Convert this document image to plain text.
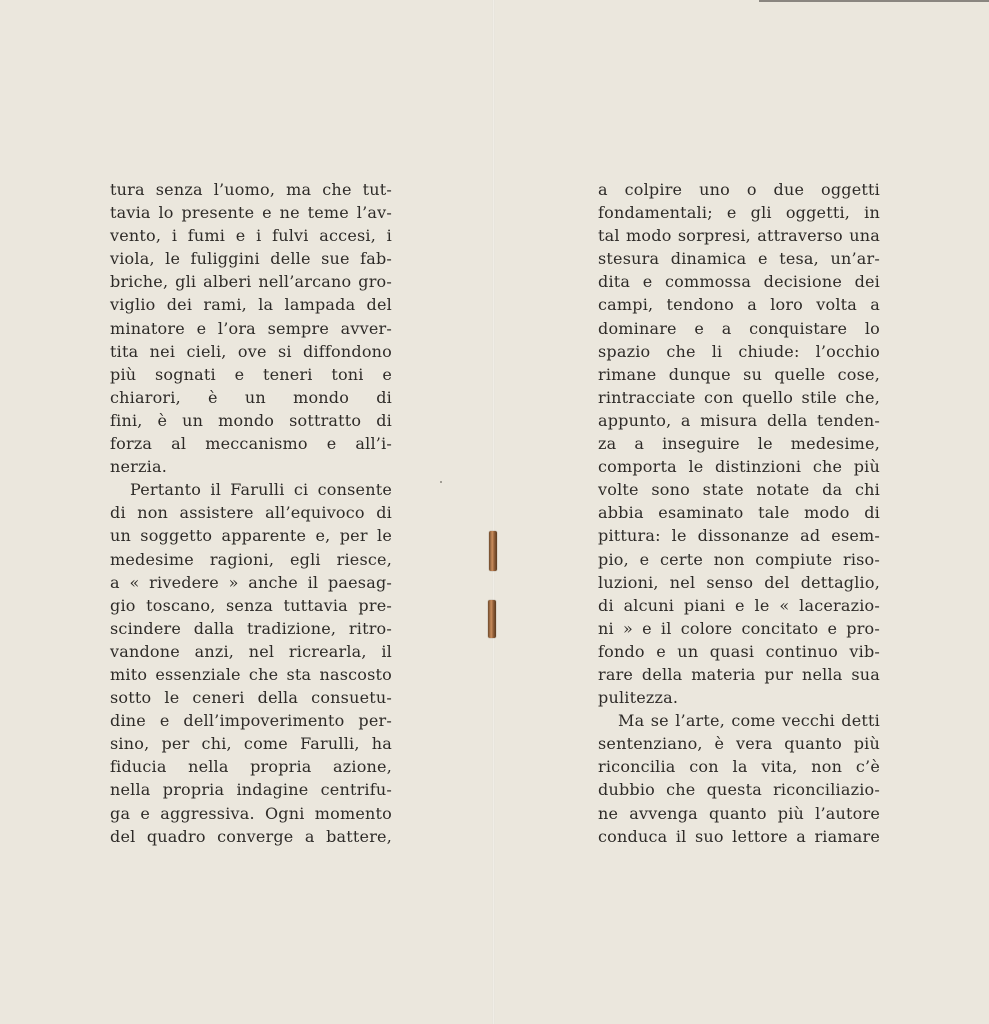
tura senza l’uomo, ma che tut-
tavia lo presente e ne teme l’av-
vento, i fumi e i fulvi accesi, i
viola, le fuliggini delle sue fab-
briche, gli alberi nell’arcano gro-
viglio dei rami, la lampada del
minatore e l’ora sempre avver-
tita nei cieli, ove si diffondono
più sognati e teneri toni e
chiarori, è un mondo di
fini, è un mondo sottratto di
forza al meccanismo e all’i-
nerzia.
Pertanto il Farulli ci consente
di non assistere all’equivoco di
un soggetto apparente e, per le
medesime ragioni, egli riesce,
a « rivedere » anche il paesag-
gio toscano, senza tuttavia pre-
scindere dalla tradizione, ritro-
vandone anzi, nel ricrearla, il
mito essenziale che sta nascosto
sotto le ceneri della consuetu-
dine e dell’impoverimento per-
sino, per chi, come Farulli, ha
fiducia nella propria azione,
nella propria indagine centrifu-
ga e aggressiva. Ogni momento
del quadro converge a battere,
a colpire uno o due oggetti
fondamentali; e gli oggetti, in
tal modo sorpresi, attraverso una
stesura dinamica e tesa, un’ar-
dita e commossa decisione dei
campi, tendono a loro volta a
dominare e a conquistare lo
spazio che li chiude: l’occhio
rimane dunque su quelle cose,
rintracciate con quello stile che,
appunto, a misura della tenden-
za a inseguire le medesime,
comporta le distinzioni che più
volte sono state notate da chi
abbia esaminato tale modo di
pittura: le dissonanze ad esem-
pio, e certe non compiute riso-
luzioni, nel senso del dettaglio,
di alcuni piani e le « lacerazio-
ni » e il colore concitato e pro-
fondo e un quasi continuo vib-
rare della materia pur nella sua
pulitezza.
Ma se l’arte, come vecchi detti
sentenziano, è vera quanto più
riconcilia con la vita, non c’è
dubbio che questa riconciliazio-
ne avvenga quanto più l’autore
conduca il suo lettore a riamare
